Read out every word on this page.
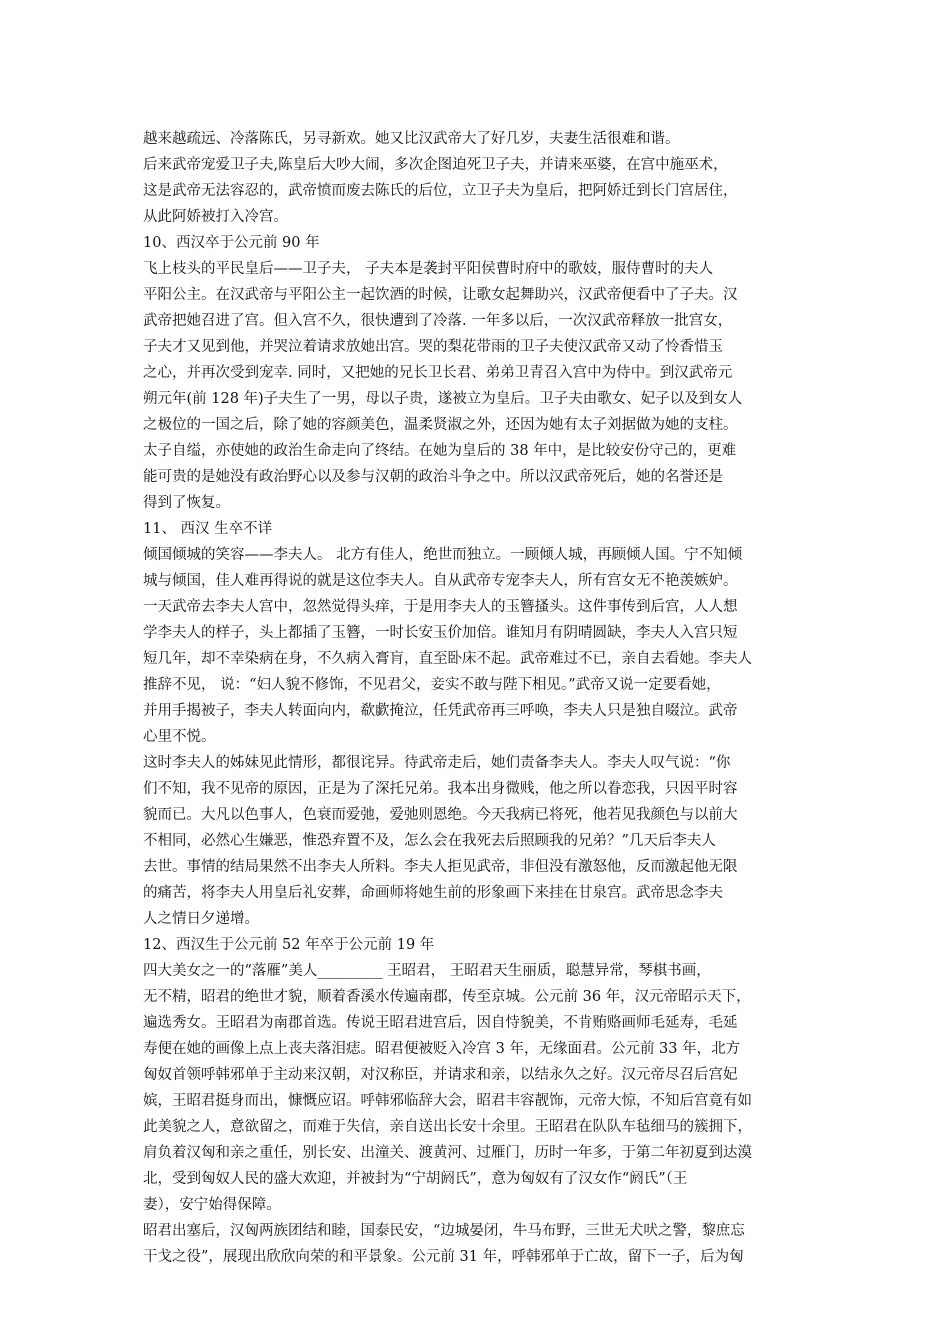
越来越疏远、冷落陈氏，另寻新欢。她又比汉武帝大了好几岁，夫妻生活很难和谐。
后来武帝宠爱卫子夫,陈皇后大吵大闹，多次企图迫死卫子夫，并请来巫婆，在宫中施巫术，
这是武帝无法容忍的，武帝愤而废去陈氏的后位，立卫子夫为皇后，把阿娇迁到长门宫居住，
从此阿娇被打入冷宫。
10、西汉卒于公元前 90 年
飞上枝头的平民皇后——卫子夫， 子夫本是袭封平阳侯曹时府中的歌妓，服侍曹时的夫人
平阳公主。在汉武帝与平阳公主一起饮酒的时候，让歌女起舞助兴，汉武帝便看中了子夫。汉
武帝把她召进了宫。但入宫不久，很快遭到了冷落. 一年多以后，一次汉武帝释放一批宫女，
子夫才又见到他，并哭泣着请求放她出宫。哭的梨花带雨的卫子夫使汉武帝又动了怜香惜玉
之心，并再次受到宠幸. 同时，又把她的兄长卫长君、弟弟卫青召入宫中为侍中。到汉武帝元
朔元年(前 128 年)子夫生了一男，母以子贵，遂被立为皇后。卫子夫由歌女、妃子以及到女人
之极位的一国之后，除了她的容颜美色，温柔贤淑之外，还因为她有太子刘据做为她的支柱。
太子自缢，亦使她的政治生命走向了终结。在她为皇后的 38 年中，是比较安份守己的，更难
能可贵的是她没有政治野心以及参与汉朝的政治斗争之中。所以汉武帝死后，她的名誉还是
得到了恢复。
11、 西汉 生卒不详
倾国倾城的笑容——李夫人。 北方有佳人，绝世而独立。一顾倾人城，再顾倾人国。宁不知倾
城与倾国，佳人难再得说的就是这位李夫人。自从武帝专宠李夫人，所有宫女无不艳羡嫉妒。
一天武帝去李夫人宫中，忽然觉得头痒，于是用李夫人的玉簪搔头。这件事传到后宫，人人想
学李夫人的样子，头上都插了玉簪，一时长安玉价加倍。谁知月有阴晴圆缺，李夫人入宫只短
短几年，却不幸染病在身，不久病入膏肓，直至卧床不起。武帝难过不已，亲自去看她。李夫人
推辞不见， 说：“妇人貌不修饰，不见君父，妾实不敢与陛下相见。”武帝又说一定要看她，
并用手揭被子，李夫人转面向内，欷歔掩泣，任凭武帝再三呼唤，李夫人只是独自啜泣。武帝
心里不悦。
这时李夫人的姊妹见此情形，都很诧异。待武帝走后，她们责备李夫人。李夫人叹气说：“你
们不知，我不见帝的原因，正是为了深托兄弟。我本出身微贱，他之所以眷恋我，只因平时容
貌而已。大凡以色事人，色衰而爱弛，爱弛则恩绝。今天我病已将死，他若见我颜色与以前大
不相同，必然心生嫌恶，惟恐弃置不及，怎么会在我死去后照顾我的兄弟？”几天后李夫人
去世。事情的结局果然不出李夫人所料。李夫人拒见武帝，非但没有激怒他，反而激起他无限
的痛苦，将李夫人用皇后礼安葬，命画师将她生前的形象画下来挂在甘泉宫。武帝思念李夫
人之情日夕递增。
12、西汉生于公元前 52 年卒于公元前 19 年
四大美女之一的“落雁”美人_________ 王昭君， 王昭君天生丽质，聪慧异常，琴棋书画，
无不精，昭君的绝世才貌，顺着香溪水传遍南郡，传至京城。公元前 36 年，汉元帝昭示天下，
遍选秀女。王昭君为南郡首选。传说王昭君进宫后，因自恃貌美，不肯贿赂画师毛延寿，毛延
寿便在她的画像上点上丧夫落泪痣。昭君便被贬入冷宫 3 年，无缘面君。公元前 33 年，北方
匈奴首领呼韩邪单于主动来汉朝，对汉称臣，并请求和亲，以结永久之好。汉元帝尽召后宫妃
嫔，王昭君挺身而出，慷慨应诏。呼韩邪临辞大会，昭君丰容靓饰，元帝大惊，不知后宫竟有如
此美貌之人，意欲留之，而难于失信，亲自送出长安十余里。王昭君在队队车毡细马的簇拥下，
肩负着汉匈和亲之重任，别长安、出潼关、渡黄河、过雁门，历时一年多，于第二年初夏到达漠
北，受到匈奴人民的盛大欢迎，并被封为“宁胡阏氏”，意为匈奴有了汉女作“阏氏”（王
妻），安宁始得保障。
昭君出塞后，汉匈两族团结和睦，国泰民安，“边城晏闭，牛马布野，三世无犬吠之警，黎庶忘
干戈之役”，展现出欣欣向荣的和平景象。公元前 31 年，呼韩邪单于亡故，留下一子，后为匈
